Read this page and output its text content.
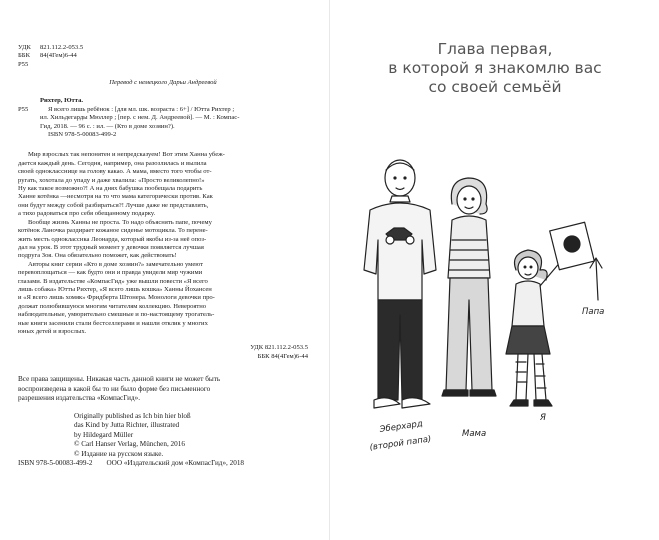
УДК	821.112.2-053.5
ББК	84(4Гем)6-44
Р55
Перевод с немецкого Дарьи Андреевой
Рихтер, Ютта.
Р55	Я всего лишь ребёнок : [для мл. шк. возраста : 6+] / Ютта Рихтер ;
ил. Хильдегарды Мюллер ; [пер. с нем. Д. Андреевой]. — М. : Компас-
Гид, 2018. — 96 с. : ил. — (Кто в доме хозяин?).
ISBN 978-5-00083-499-2

Мир взрослых так непонятен и непредсказуем! Вот этим Ханна убеж-

дается каждый день. Сегодня, например, она разозлилась и вылила

своей однокласснице на голову какао. А мама, вместо того чтобы от-

ругать, хохотала до упаду и даже хвалила: «Просто великолепно!»

Ну как такое возможно?! А на днях бабушка пообещала подарить

Ханне котёнка —несмотря на то что мама категорически против. Как

они будут между собой разбираться?! Лучше даже не представлять,

а тихо радоваться про себя обещанному подарку.

Вообще жизнь Ханны не проста. То надо объяснять папе, почему

котёнок Ланочка раздирает кожаное сиденье мотоцикла. То перене-

жить месть однокласснка Леонарда, который якобы из-за неё опоз-

дал на урок. В этот трудный момент у девочки появляется лучшая

подруга Зоя. Она обязательно поможет, как действовать!

Авторы книг серии «Кто в доме хозяин?» замечательно умеют

перевоплощаться — как будто они и правда увидели мир чужими

глазами. В издательстве «КомпасГид» уже вышли повести «Я всего

лишь собака» Ютты Рихтер, «Я всего лишь кошка» Ханны Йохансен

и «Я всего лишь хомяк» Фридберта Штонера. Монологи девочки про-

должат полюбившуюся многим читателям коллекцию. Невероятно

наблюдательные, умюрительно смешные и по-настоящему трогатель-

ные книги засенили стали бестселлерами и нашли отклик у многих

юных детей и взрослых.

УДК 821.112.2-053.5
ББК 84(4Гем)6-44
Все права защищены. Никакая часть данной книги не может быть
воспроизведена в какой бы то ни было форме без письменного
разрешения издательства «КомпасГид».
Originally published as Ich bin hier bloß
das Kind by Jutta Richter, illustrated
by Hildegard Müller
© Carl Hanser Verlag, München, 2016
© Издание на русском языке.
ISBN 978-5-00083-499-2 ООО «Издательский дом «КомпасГид», 2018
Глава первая,
в которой я знакомлю вас
со своей семьёй
Папа
Эберхард
(второй папа)
Мама
Я
